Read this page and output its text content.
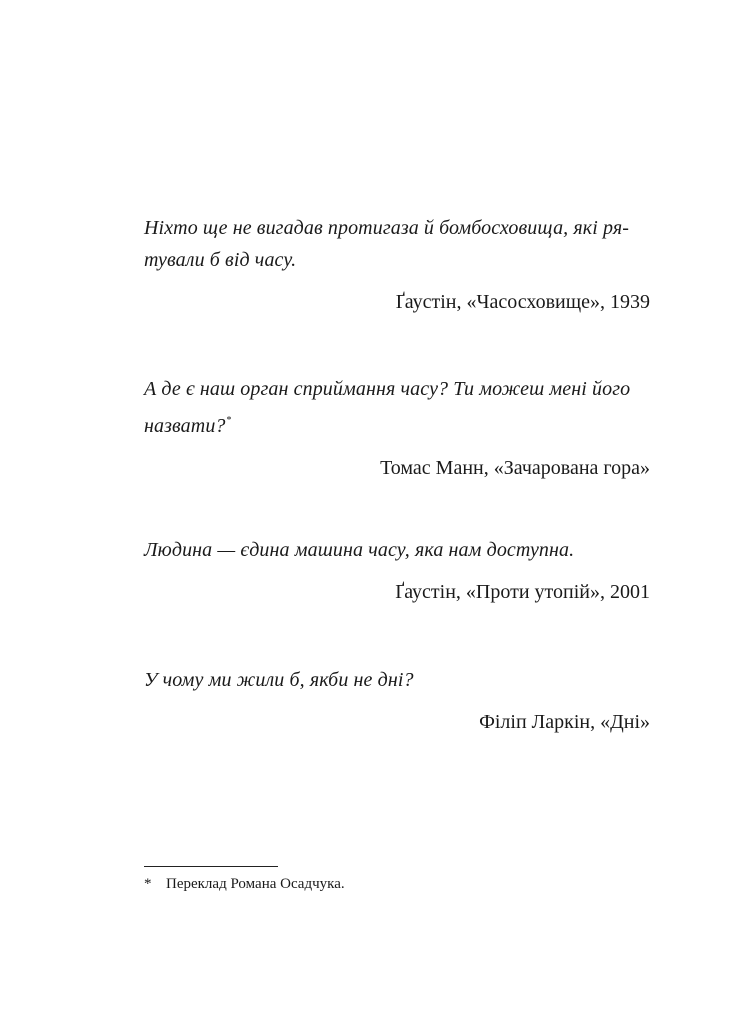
Ніхто ще не вигадав протигаза й бомбосховища, які ря-
тували б від часу.

Ґаустін, «Часосховище», 1939

А де є наш орган сприймання часу? Ти можеш мені його
назвати?*

Томас Манн, «Зачарована гора»

Людина — єдина машина часу, яка нам доступна.

Ґаустін, «Проти утопій», 2001

У чому ми жили б, якби не дні?

Філіп Ларкін, «Дні»

* Переклад Романа Осадчука.
